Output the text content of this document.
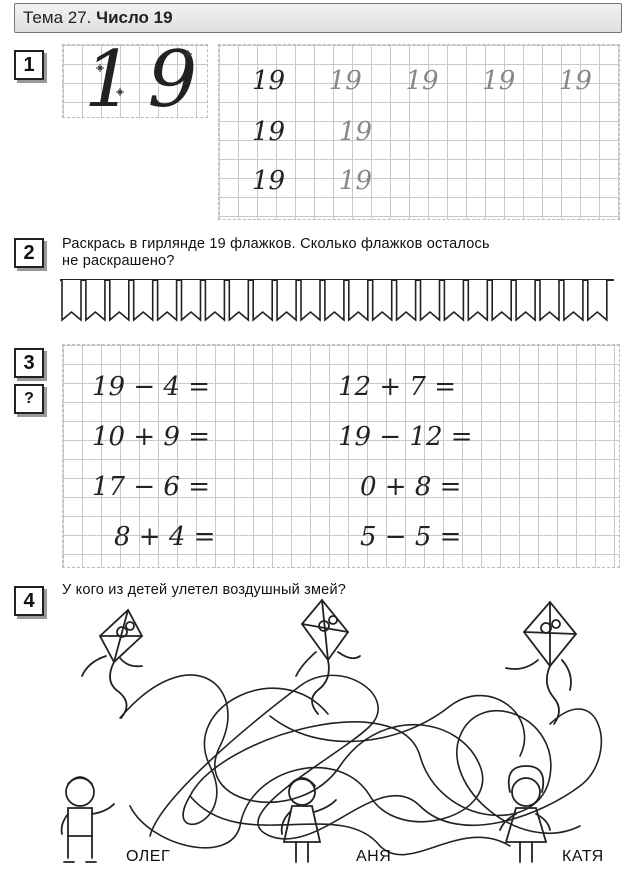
Тема 27. Число 19
1 19 19 19 19 19 19
19 19
19 19
2	Раскрась в гирлянде 19 флажков. Сколько флажков осталось
не раскрашено?
3
?	19 − 4 =
10 + 9 =
17 − 6 =
8 + 4 =
12 + 7 =
19 − 12 =
0 + 8 =
5 − 5 =
4	У кого из детей улетел воздушный змей?
ОЛЕГ	АНЯ	КАТЯ
